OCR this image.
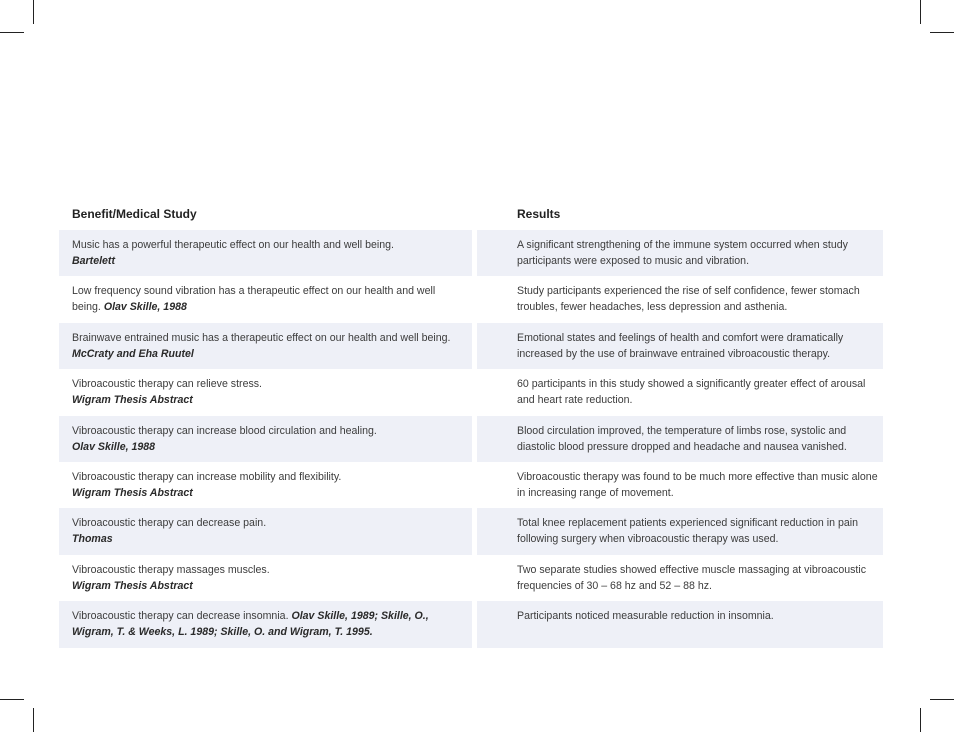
Benefit/Medical Study	Results
Music has a powerful therapeutic effect on our health and well being.
Bartelett
A significant strengthening of the immune system occurred when study participants were exposed to music and vibration.
Low frequency sound vibration has a therapeutic effect on our health and well being. Olav Skille, 1988
Study participants experienced the rise of self confidence, fewer stomach troubles, fewer headaches, less depression and asthenia.
Brainwave entrained music has a therapeutic effect on our health and well being. McCraty and Eha Ruutel
Emotional states and feelings of health and comfort were dramatically increased by the use of brainwave entrained vibroacoustic therapy.
Vibroacoustic therapy can relieve stress.
Wigram Thesis Abstract
60 participants in this study showed a significantly greater effect of arousal and heart rate reduction.
Vibroacoustic therapy can increase blood circulation and healing.
Olav Skille, 1988
Blood circulation improved, the temperature of limbs rose, systolic and diastolic blood pressure dropped and headache and nausea vanished.
Vibroacoustic therapy can increase mobility and flexibility.
Wigram Thesis Abstract
Vibroacoustic therapy was found to be much more effective than music alone in increasing range of movement.
Vibroacoustic therapy can decrease pain.
Thomas
Total knee replacement patients experienced significant reduction in pain following surgery when vibroacoustic therapy was used.
Vibroacoustic therapy massages muscles.
Wigram Thesis Abstract
Two separate studies showed effective muscle massaging at vibroacoustic frequencies of 30 – 68 hz and 52 – 88 hz.
Vibroacoustic therapy can decrease insomnia. Olav Skille, 1989; Skille, O., Wigram, T. & Weeks, L. 1989; Skille, O. and Wigram, T. 1995.
Participants noticed measurable reduction in insomnia.
